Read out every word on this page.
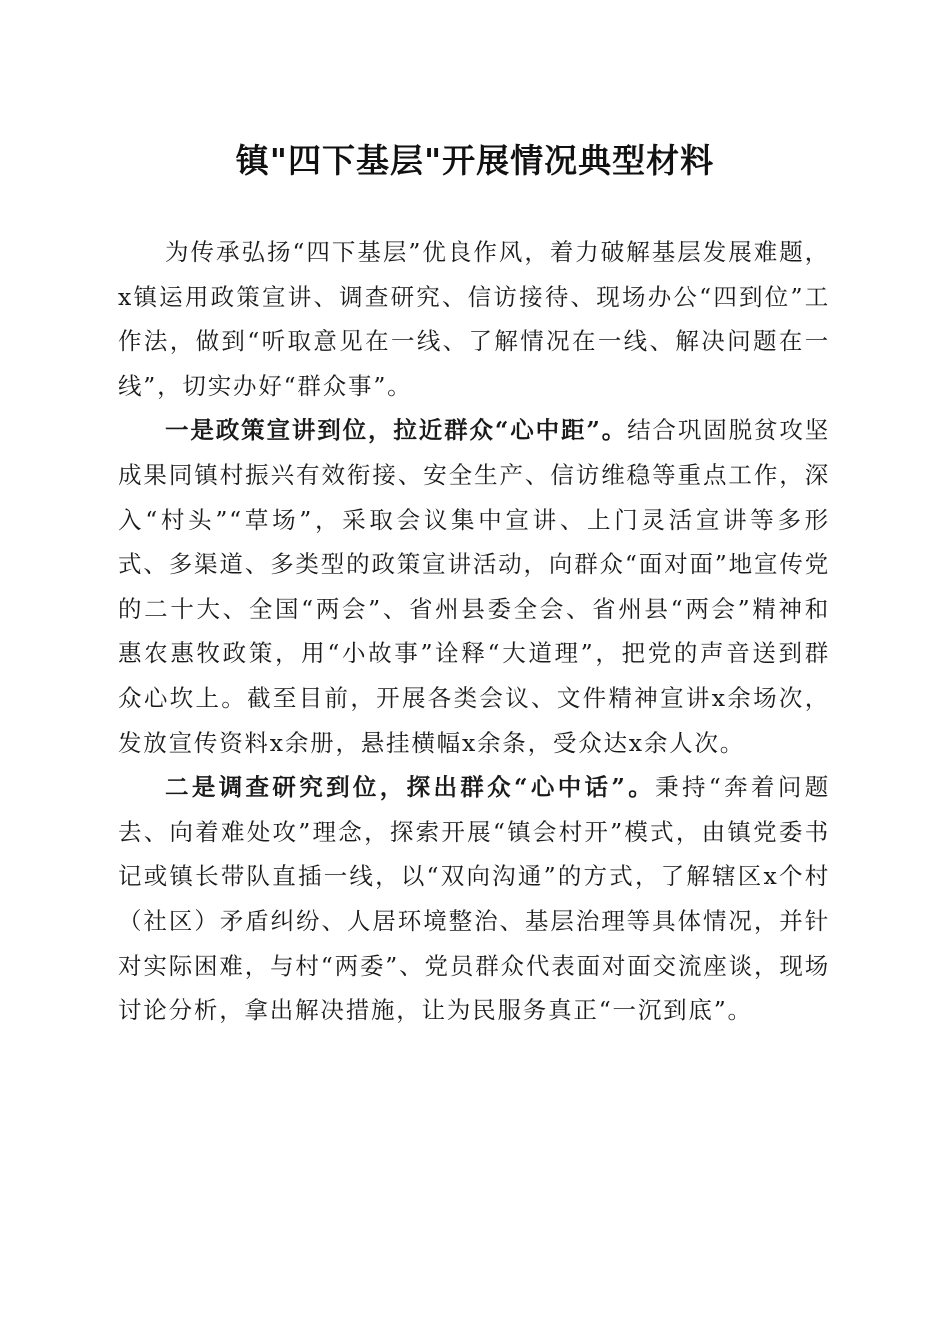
镇"四下基层"开展情况典型材料

为传承弘扬“四下基层”优良作风，着力破解基层发展难题，x镇运用政策宣讲、调查研究、信访接待、现场办公“四到位”工作法，做到“听取意见在一线、了解情况在一线、解决问题在一线”，切实办好“群众事”。

一是政策宣讲到位，拉近群众“心中距”。结合巩固脱贫攻坚成果同镇村振兴有效衔接、安全生产、信访维稳等重点工作，深入“村头”“草场”，采取会议集中宣讲、上门灵活宣讲等多形式、多渠道、多类型的政策宣讲活动，向群众“面对面”地宣传党的二十大、全国“两会”、省州县委全会、省州县“两会”精神和惠农惠牧政策，用“小故事”诠释“大道理”，把党的声音送到群众心坎上。截至目前，开展各类会议、文件精神宣讲x余场次，发放宣传资料x余册，悬挂横幅x余条，受众达x余人次。

二是调查研究到位，探出群众“心中话”。秉持“奔着问题去、向着难处攻”理念，探索开展“镇会村开”模式，由镇党委书记或镇长带队直插一线，以“双向沟通”的方式，了解辖区x个村（社区）矛盾纠纷、人居环境整治、基层治理等具体情况，并针对实际困难，与村“两委”、党员群众代表面对面交流座谈，现场讨论分析，拿出解决措施，让为民服务真正“一沉到底”。
